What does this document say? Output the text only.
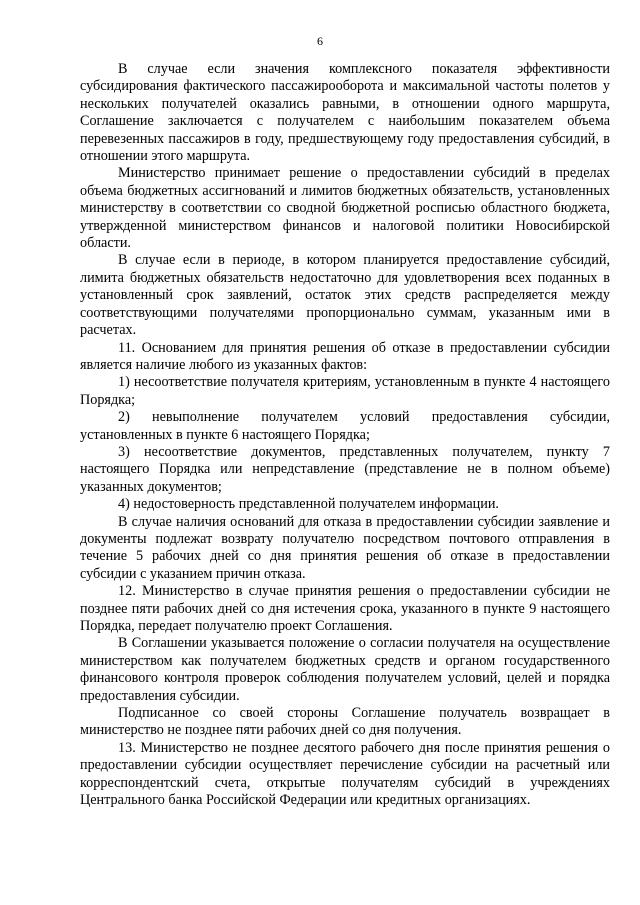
6

В случае если значения комплексного показателя эффективности субсидирования фактического пассажирооборота и максимальной частоты полетов у нескольких получателей оказались равными, в отношении одного маршрута, Соглашение заключается с получателем с наибольшим показателем объема перевезенных пассажиров в году, предшествующему году предоставления субсидий, в отношении этого маршрута.

Министерство принимает решение о предоставлении субсидий в пределах объема бюджетных ассигнований и лимитов бюджетных обязательств, установленных министерству в соответствии со сводной бюджетной росписью областного бюджета, утвержденной министерством финансов и налоговой политики Новосибирской области.

В случае если в периоде, в котором планируется предоставление субсидий, лимита бюджетных обязательств недостаточно для удовлетворения всех поданных в установленный срок заявлений, остаток этих средств распределяется между соответствующими получателями пропорционально суммам, указанным ими в расчетах.

11. Основанием для принятия решения об отказе в предоставлении субсидии является наличие любого из указанных фактов:

1) несоответствие получателя критериям, установленным в пункте 4 настоящего Порядка;

2) невыполнение получателем условий предоставления субсидии, установленных в пункте 6 настоящего Порядка;

3) несоответствие документов, представленных получателем, пункту 7 настоящего Порядка или непредставление (представление не в полном объеме) указанных документов;

4) недостоверность представленной получателем информации.

В случае наличия оснований для отказа в предоставлении субсидии заявление и документы подлежат возврату получателю посредством почтового отправления в течение 5 рабочих дней со дня принятия решения об отказе в предоставлении субсидии с указанием причин отказа.

12. Министерство в случае принятия решения о предоставлении субсидии не позднее пяти рабочих дней со дня истечения срока, указанного в пункте 9 настоящего Порядка, передает получателю проект Соглашения.

В Соглашении указывается положение о согласии получателя на осуществление министерством как получателем бюджетных средств и органом государственного финансового контроля проверок соблюдения получателем условий, целей и порядка предоставления субсидии.

Подписанное со своей стороны Соглашение получатель возвращает в министерство не позднее пяти рабочих дней со дня получения.

13. Министерство не позднее десятого рабочего дня после принятия решения о предоставлении субсидии осуществляет перечисление субсидии на расчетный или корреспондентский счета, открытые получателям субсидий в учреждениях Центрального банка Российской Федерации или кредитных организациях.
